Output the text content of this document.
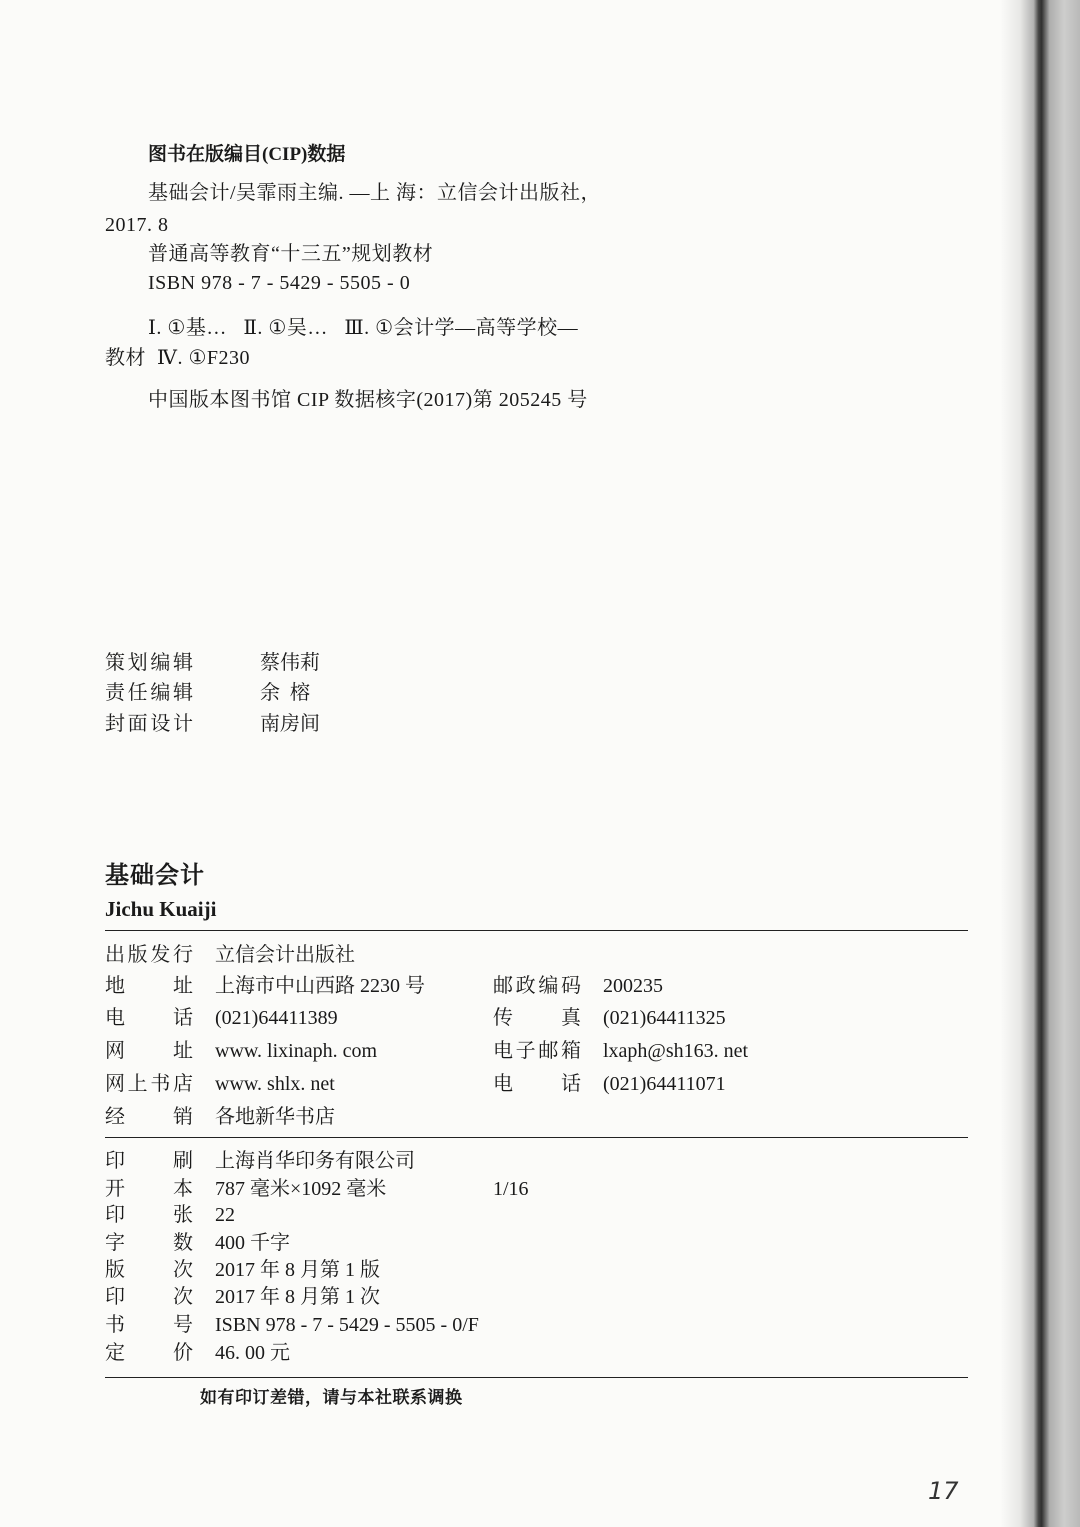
图书在版编目(CIP)数据
基础会计/吴霏雨主编. —上 海：立信会计出版社，
2017. 8
普通高等教育“十三五”规划教材
ISBN 978 - 7 - 5429 - 5505 - 0
Ⅰ. ①基…   Ⅱ. ①吴…   Ⅲ. ①会计学—高等学校—
教材  Ⅳ. ①F230
中国版本图书馆 CIP 数据核字(2017)第 205245 号
策划编辑	蔡伟莉
责任编辑	余  榕
封面设计	南房间
基础会计
Jichu Kuaiji
出版发行 立信会计出版社
地 址 上海市中山西路 2230 号	邮政编码 200235
电 话 (021)64411389	传 真 (021)64411325
网 址 www. lixinaph. com	电子邮箱 lxaph@sh163. net
网上书店 www. shlx. net	电 话 (021)64411071
经 销 各地新华书店
印 刷 上海肖华印务有限公司
开 本 787 毫米×1092 毫米	1/16
印 张 22
字 数 400 千字
版 次 2017 年 8 月第 1 版
印 次 2017 年 8 月第 1 次
书 号 ISBN 978 - 7 - 5429 - 5505 - 0/F
定 价 46. 00 元
如有印订差错，请与本社联系调换
17
